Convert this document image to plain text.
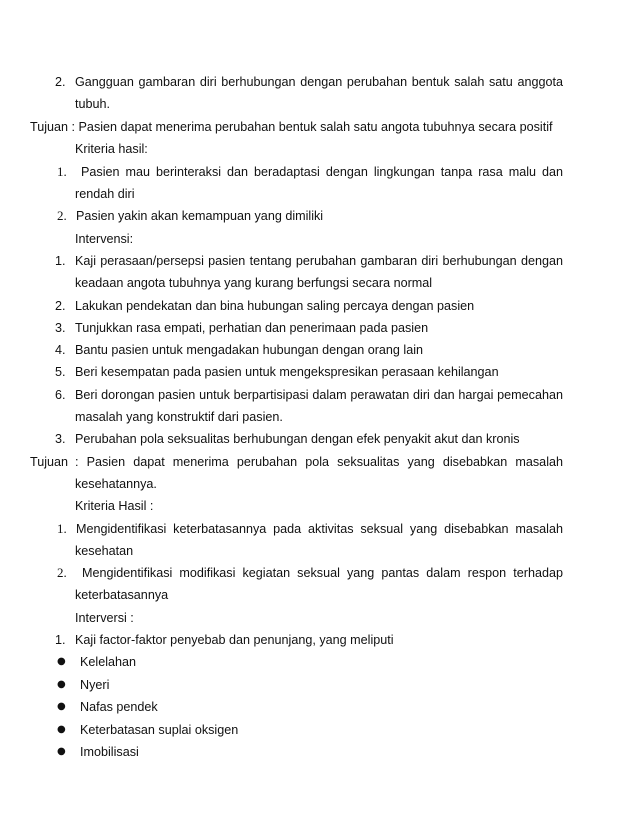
2. Gangguan gambaran diri berhubungan dengan perubahan bentuk salah satu anggota
tubuh.
Tujuan : Pasien dapat menerima perubahan bentuk salah satu angota tubuhnya secara positif
Kriteria hasil:
1. Pasien mau berinteraksi dan beradaptasi dengan lingkungan tanpa rasa malu dan
rendah diri
2. Pasien yakin akan kemampuan yang dimiliki
Intervensi:
1. Kaji perasaan/persepsi pasien tentang perubahan gambaran diri berhubungan dengan
keadaan angota tubuhnya yang kurang berfungsi secara normal
2. Lakukan pendekatan dan bina hubungan saling percaya dengan pasien
3. Tunjukkan rasa empati, perhatian dan penerimaan pada pasien
4. Bantu pasien untuk mengadakan hubungan dengan orang lain
5. Beri kesempatan pada pasien untuk mengekspresikan perasaan kehilangan
6. Beri dorongan pasien untuk berpartisipasi dalam perawatan diri dan hargai pemecahan
masalah yang konstruktif dari pasien.
3. Perubahan pola seksualitas berhubungan dengan efek penyakit akut dan kronis
Tujuan : Pasien dapat menerima perubahan pola seksualitas yang disebabkan masalah
kesehatannya.
Kriteria Hasil :
1. Mengidentifikasi keterbatasannya pada aktivitas seksual yang disebabkan masalah
kesehatan
2. Mengidentifikasi modifikasi kegiatan seksual yang pantas dalam respon terhadap
keterbatasannya
Interversi :
1. Kaji factor-faktor penyebab dan penunjang, yang meliputi
● Kelelahan
● Nyeri
● Nafas pendek
● Keterbatasan suplai oksigen
● Imobilisasi
